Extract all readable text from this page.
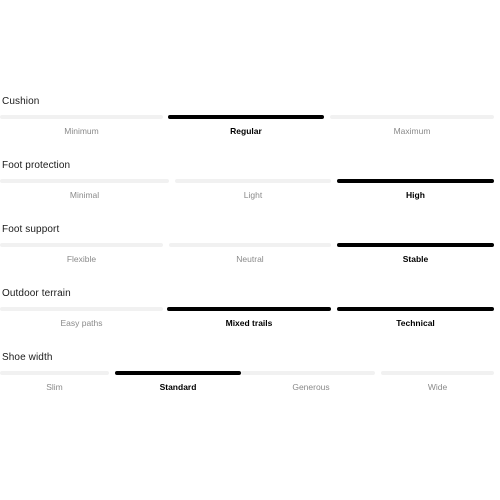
Cushion
Minimum	Regular	Maximum
Foot protection
Minimal	Light	High
Foot support
Flexible	Neutral	Stable
Outdoor terrain
Easy paths	Mixed trails	Technical
Shoe width
Slim	Standard	Generous	Wide
